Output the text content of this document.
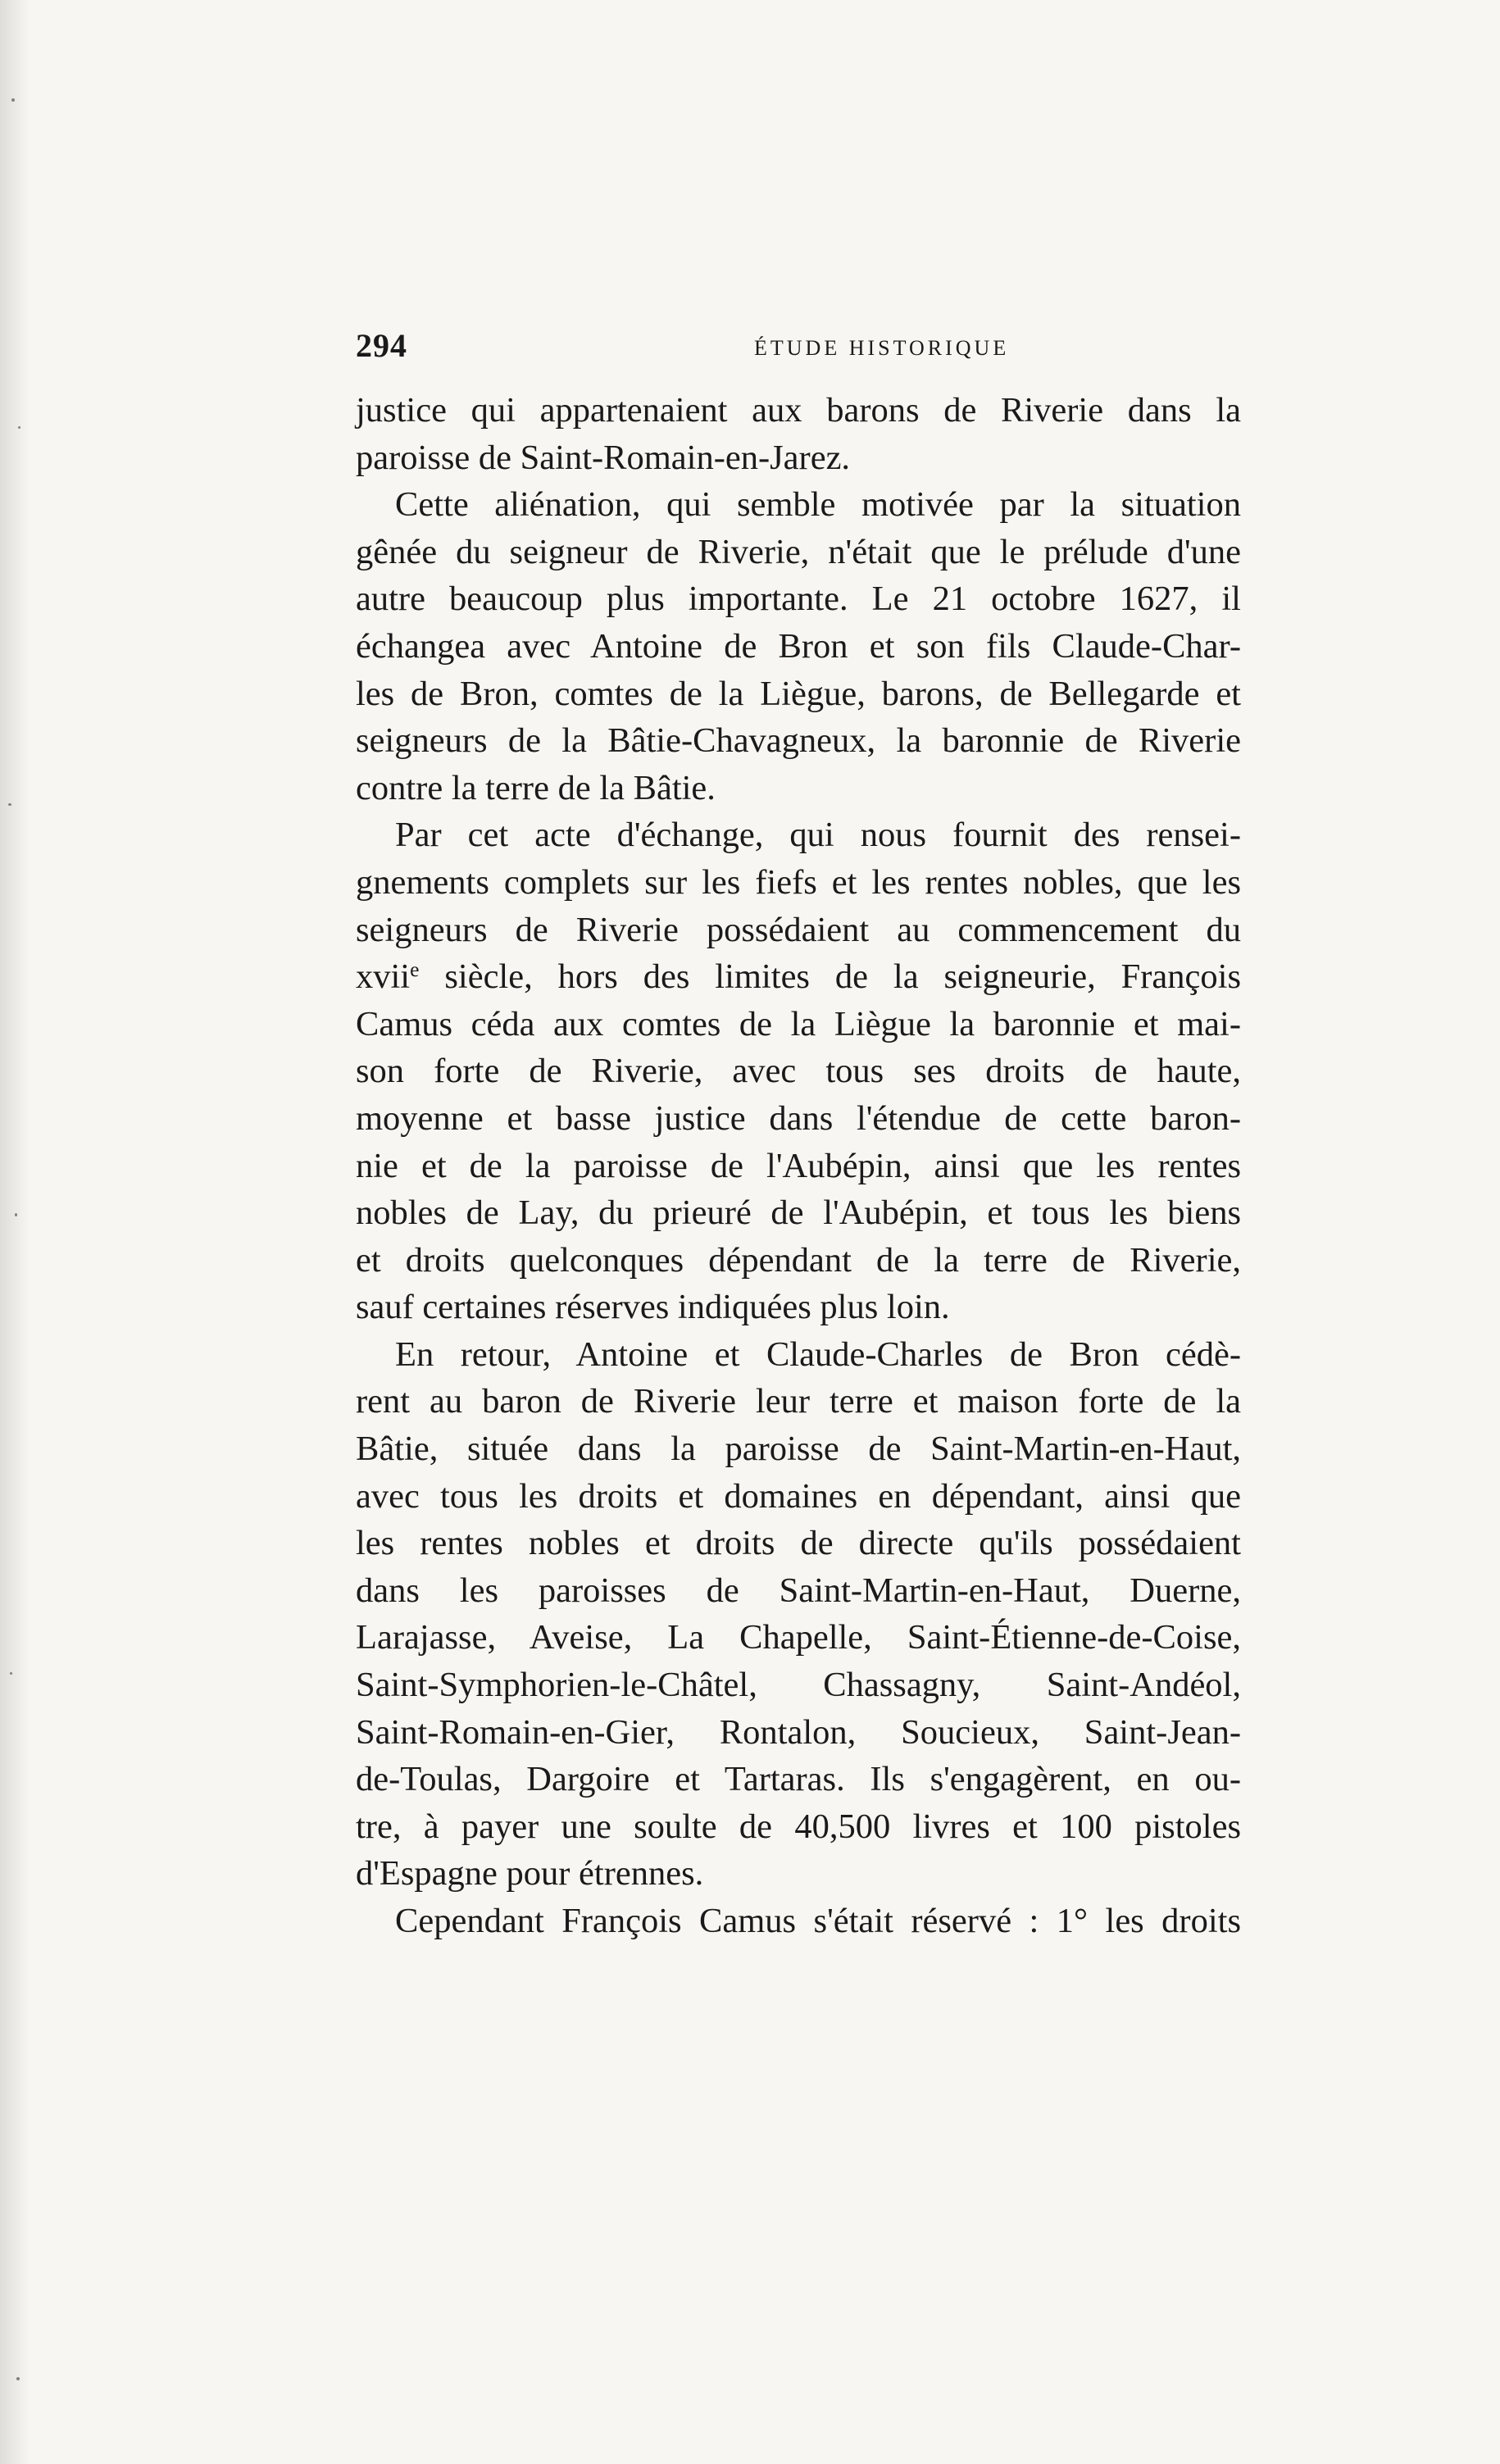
294	ÉTUDE HISTORIQUE
justice qui appartenaient aux barons de Riverie dans la
paroisse de Saint-Romain-en-Jarez.
Cette aliénation, qui semble motivée par la situation
gênée du seigneur de Riverie, n'était que le prélude d'une
autre beaucoup plus importante. Le 21 octobre 1627, il
échangea avec Antoine de Bron et son fils Claude-Char-
les de Bron, comtes de la Liègue, barons, de Bellegarde et
seigneurs de la Bâtie-Chavagneux, la baronnie de Riverie
contre la terre de la Bâtie.
Par cet acte d'échange, qui nous fournit des rensei-
gnements complets sur les fiefs et les rentes nobles, que les
seigneurs de Riverie possédaient au commencement du
xvii$^e$ siècle, hors des limites de la seigneurie, François
Camus céda aux comtes de la Liègue la baronnie et mai-
son forte de Riverie, avec tous ses droits de haute,
moyenne et basse justice dans l'étendue de cette baron-
nie et de la paroisse de l'Aubépin, ainsi que les rentes
nobles de Lay, du prieuré de l'Aubépin, et tous les biens
et droits quelconques dépendant de la terre de Riverie,
sauf certaines réserves indiquées plus loin.
En retour, Antoine et Claude-Charles de Bron cédè-
rent au baron de Riverie leur terre et maison forte de la
Bâtie, située dans la paroisse de Saint-Martin-en-Haut,
avec tous les droits et domaines en dépendant, ainsi que
les rentes nobles et droits de directe qu'ils possédaient
dans les paroisses de Saint-Martin-en-Haut, Duerne,
Larajasse, Aveise, La Chapelle, Saint-Étienne-de-Coise,
Saint-Symphorien-le-Châtel, Chassagny, Saint-Andéol,
Saint-Romain-en-Gier, Rontalon, Soucieux, Saint-Jean-
de-Toulas, Dargoire et Tartaras. Ils s'engagèrent, en ou-
tre, à payer une soulte de 40,500 livres et 100 pistoles
d'Espagne pour étrennes.
Cependant François Camus s'était réservé : 1° les droits
